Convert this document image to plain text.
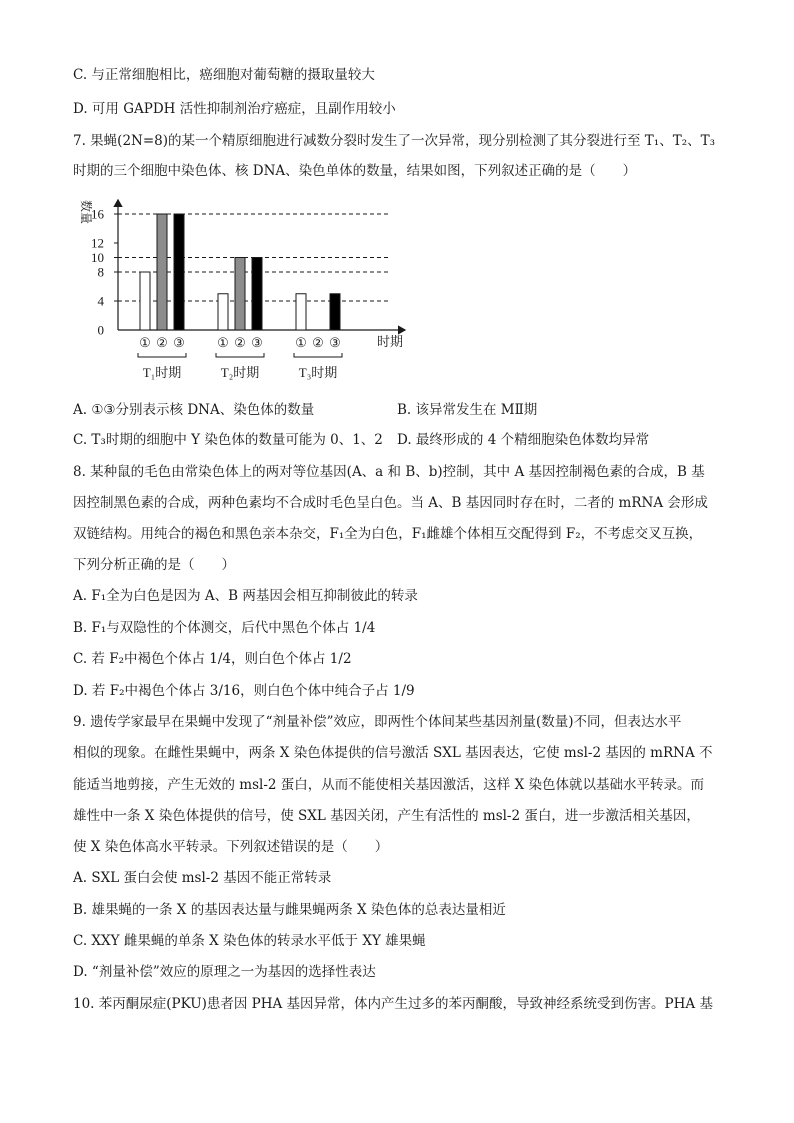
C. 与正常细胞相比，癌细胞对葡萄糖的摄取量较大
D. 可用 GAPDH 活性抑制剂治疗癌症，且副作用较小
7. 果蝇(2N=8)的某一个精原细胞进行减数分裂时发生了一次异常，现分别检测了其分裂进行至 T₁、T₂、T₃
时期的三个细胞中染色体、核 DNA、染色单体的数量，结果如图，下列叙述正确的是（　　）
数量
时期
0
4
8
10
12
16
① ② ③ ① ② ③ ① ② ③
T₁时期	T₂时期	T₃时期
A. ①③分别表示核 DNA、染色体的数量	B. 该异常发生在 MⅡ期
C. T₃时期的细胞中 Y 染色体的数量可能为 0、1、2 D. 最终形成的 4 个精细胞染色体数均异常
8. 某种鼠的毛色由常染色体上的两对等位基因(A、a 和 B、b)控制，其中 A 基因控制褐色素的合成，B 基
因控制黑色素的合成，两种色素均不合成时毛色呈白色。当 A、B 基因同时存在时，二者的 mRNA 会形成
双链结构。用纯合的褐色和黑色亲本杂交，F₁全为白色，F₁雌雄个体相互交配得到 F₂，不考虑交叉互换，
下列分析正确的是（　　）
A. F₁全为白色是因为 A、B 两基因会相互抑制彼此的转录
B. F₁与双隐性的个体测交，后代中黑色个体占 1/4
C. 若 F₂中褐色个体占 1/4，则白色个体占 1/2
D. 若 F₂中褐色个体占 3/16，则白色个体中纯合子占 1/9
9. 遗传学家最早在果蝇中发现了“剂量补偿”效应，即两性个体间某些基因剂量(数量)不同，但表达水平
相似的现象。在雌性果蝇中，两条 X 染色体提供的信号激活 SXL 基因表达，它使 msl-2 基因的 mRNA 不
能适当地剪接，产生无效的 msl-2 蛋白，从而不能使相关基因激活，这样 X 染色体就以基础水平转录。而
雄性中一条 X 染色体提供的信号，使 SXL 基因关闭，产生有活性的 msl-2 蛋白，进一步激活相关基因，
使 X 染色体高水平转录。下列叙述错误的是（　　）
A. SXL 蛋白会使 msl-2 基因不能正常转录
B. 雄果蝇的一条 X 的基因表达量与雌果蝇两条 X 染色体的总表达量相近
C. XXY 雌果蝇的单条 X 染色体的转录水平低于 XY 雄果蝇
D. “剂量补偿”效应的原理之一为基因的选择性表达
10. 苯丙酮尿症(PKU)患者因 PHA 基因异常，体内产生过多的苯丙酮酸，导致神经系统受到伤害。PHA 基
